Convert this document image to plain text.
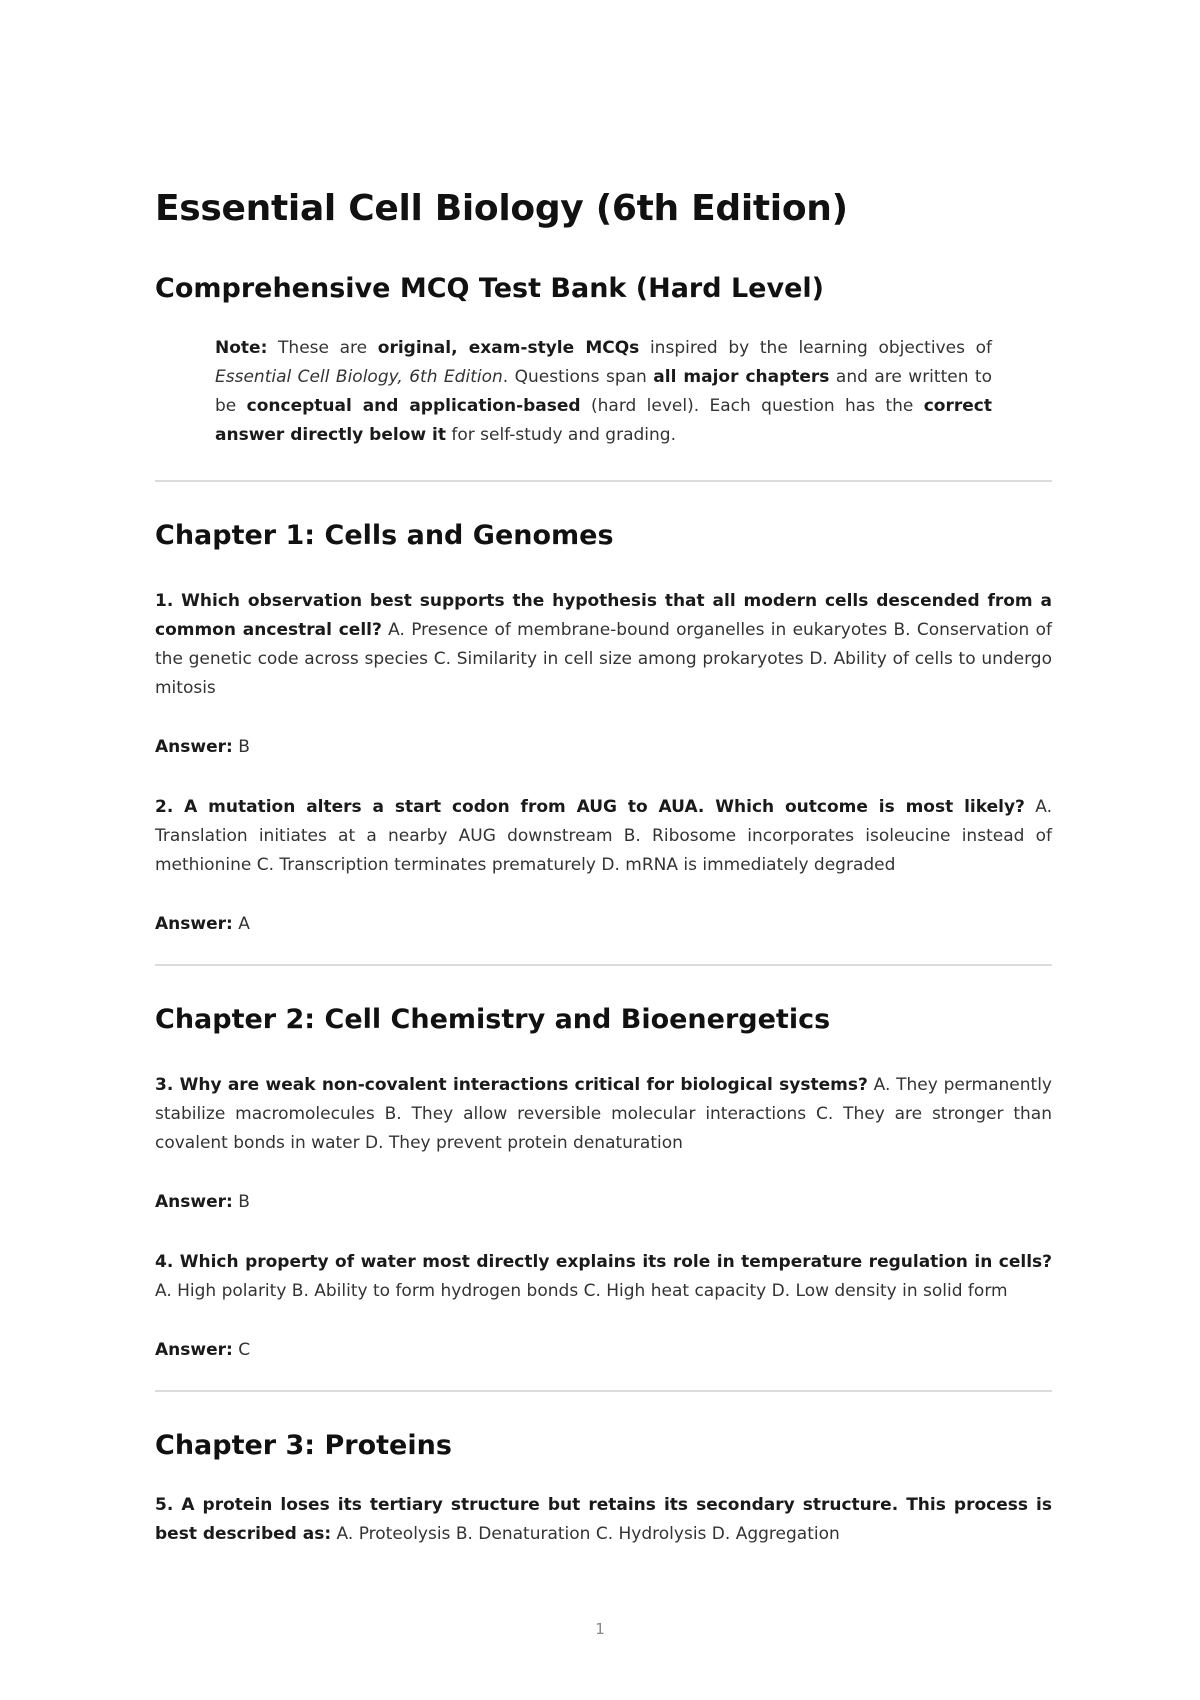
Essential Cell Biology (6th Edition)
Comprehensive MCQ Test Bank (Hard Level)
Note: These are original, exam-style MCQs inspired by the learning objectives of Essential Cell Biology, 6th Edition. Questions span all major chapters and are written to be conceptual and application-based (hard level). Each question has the correct answer directly below it for self-study and grading.
Chapter 1: Cells and Genomes
1. Which observation best supports the hypothesis that all modern cells descended from a common ancestral cell? A. Presence of membrane-bound organelles in eukaryotes B. Conservation of the genetic code across species C. Similarity in cell size among prokaryotes D. Ability of cells to undergo mitosis
Answer: B
2. A mutation alters a start codon from AUG to AUA. Which outcome is most likely? A. Translation initiates at a nearby AUG downstream B. Ribosome incorporates isoleucine instead of methionine C. Transcription terminates prematurely D. mRNA is immediately degraded
Answer: A
Chapter 2: Cell Chemistry and Bioenergetics
3. Why are weak non-covalent interactions critical for biological systems? A. They permanently stabilize macromolecules B. They allow reversible molecular interactions C. They are stronger than covalent bonds in water D. They prevent protein denaturation
Answer: B
4. Which property of water most directly explains its role in temperature regulation in cells? A. High polarity B. Ability to form hydrogen bonds C. High heat capacity D. Low density in solid form
Answer: C
Chapter 3: Proteins
5. A protein loses its tertiary structure but retains its secondary structure. This process is best described as: A. Proteolysis B. Denaturation C. Hydrolysis D. Aggregation
1
